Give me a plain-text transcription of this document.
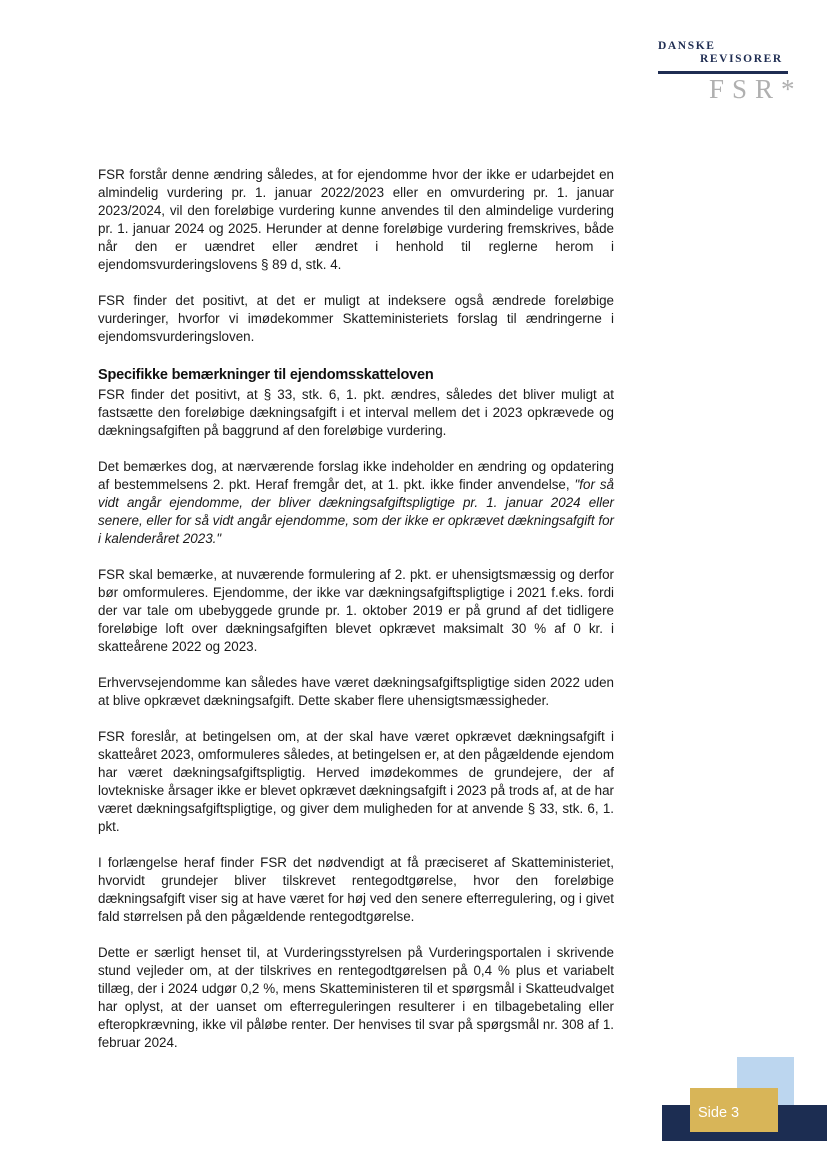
DANSKE
REVISORER
FSR*

FSR forstår denne ændring således, at for ejendomme hvor der ikke er udarbejdet en almindelig vurdering pr. 1. januar 2022/2023 eller en omvurdering pr. 1. januar 2023/2024, vil den foreløbige vurdering kunne anvendes til den almindelige vurdering pr. 1. januar 2024 og 2025. Herunder at denne foreløbige vurdering fremskrives, både når den er uændret eller ændret i henhold til reglerne herom i ejendomsvurderingslovens § 89 d, stk. 4.

FSR finder det positivt, at det er muligt at indeksere også ændrede foreløbige vurderinger, hvorfor vi imødekommer Skatteministeriets forslag til ændringerne i ejendomsvurderingsloven.

Specifikke bemærkninger til ejendomsskatteloven

FSR finder det positivt, at § 33, stk. 6, 1. pkt. ændres, således det bliver muligt at fastsætte den foreløbige dækningsafgift i et interval mellem det i 2023 opkrævede og dækningsafgiften på baggrund af den foreløbige vurdering.

Det bemærkes dog, at nærværende forslag ikke indeholder en ændring og opdatering af bestemmelsens 2. pkt. Heraf fremgår det, at 1. pkt. ikke finder anvendelse, "for så vidt angår ejendomme, der bliver dækningsafgiftspligtige pr. 1. januar 2024 eller senere, eller for så vidt angår ejendomme, som der ikke er opkrævet dækningsafgift for i kalenderåret 2023."

FSR skal bemærke, at nuværende formulering af 2. pkt. er uhensigtsmæssig og derfor bør omformuleres. Ejendomme, der ikke var dækningsafgiftspligtige i 2021 f.eks. fordi der var tale om ubebyggede grunde pr. 1. oktober 2019 er på grund af det tidligere foreløbige loft over dækningsafgiften blevet opkrævet maksimalt 30 % af 0 kr. i skatteårene 2022 og 2023.

Erhvervsejendomme kan således have været dækningsafgiftspligtige siden 2022 uden at blive opkrævet dækningsafgift. Dette skaber flere uhensigtsmæssigheder.

FSR foreslår, at betingelsen om, at der skal have været opkrævet dækningsafgift i skatteåret 2023, omformuleres således, at betingelsen er, at den pågældende ejendom har været dækningsafgiftspligtig. Herved imødekommes de grundejere, der af lovtekniske årsager ikke er blevet opkrævet dækningsafgift i 2023 på trods af, at de har været dækningsafgiftspligtige, og giver dem muligheden for at anvende § 33, stk. 6, 1. pkt.

I forlængelse heraf finder FSR det nødvendigt at få præciseret af Skatteministeriet, hvorvidt grundejer bliver tilskrevet rentegodtgørelse, hvor den foreløbige dækningsafgift viser sig at have været for høj ved den senere efterregulering, og i givet fald størrelsen på den pågældende rentegodtgørelse.

Dette er særligt henset til, at Vurderingsstyrelsen på Vurderingsportalen i skrivende stund vejleder om, at der tilskrives en rentegodtgørelsen på 0,4 % plus et variabelt tillæg, der i 2024 udgør 0,2 %, mens Skatteministeren til et spørgsmål i Skatteudvalget har oplyst, at der uanset om efterreguleringen resulterer i en tilbagebetaling eller efteropkrævning, ikke vil påløbe renter. Der henvises til svar på spørgsmål nr. 308 af 1. februar 2024.

Side 3
